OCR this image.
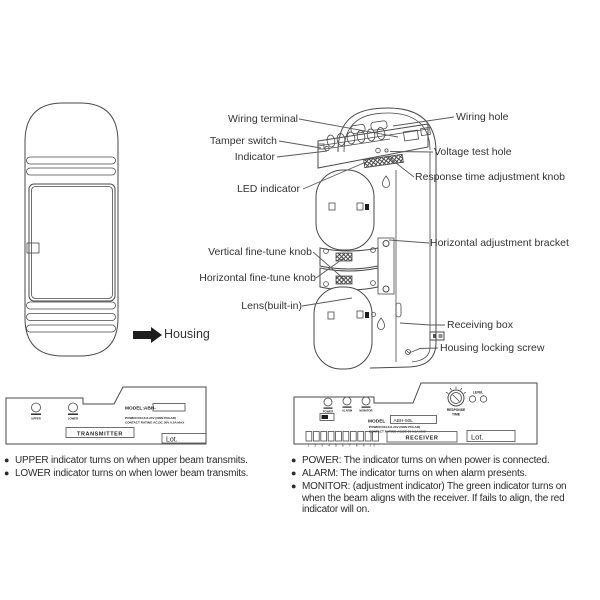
UPPER	LOWER
MODEL:ABH-
POWER DC13.8-24V (NON POLAR)
CONTACT RATING AC,DC 30V 0.5A MAX
TRANSMITTER
Lot.
POWER	ALARM	MONITOR
1 2 3 4 5 6 7 8 9 10
MODEL ABH-50L
POWER DC13.8-24V (NON POLAR)
CONTACT RATING AC,DC 30 0.5A MAX
RECEIVER	Lot.
RESPONSE
TIME
LEVEL
Wiring terminal
Tamper switch
Indicator
LED indicator
Vertical fine-tune knob
Horizontal fine-tune knob
Lens(built-in)
Wiring hole
Voltage test hole
Response time adjustment knob
Horizontal adjustment bracket
Receiving box
Housing locking screw
Housing
● UPPER indicator turns on when upper beam transmits.
● LOWER indicator turns on when lower beam transmits.
● POWER: The indicator turns on when power is connected.
● ALARM: The indicator turns on when alarm presents.
● MONITOR: (adjustment indicator) The green indicator turns on when the beam aligns with the receiver. If fails to align, the red indicator will on.
